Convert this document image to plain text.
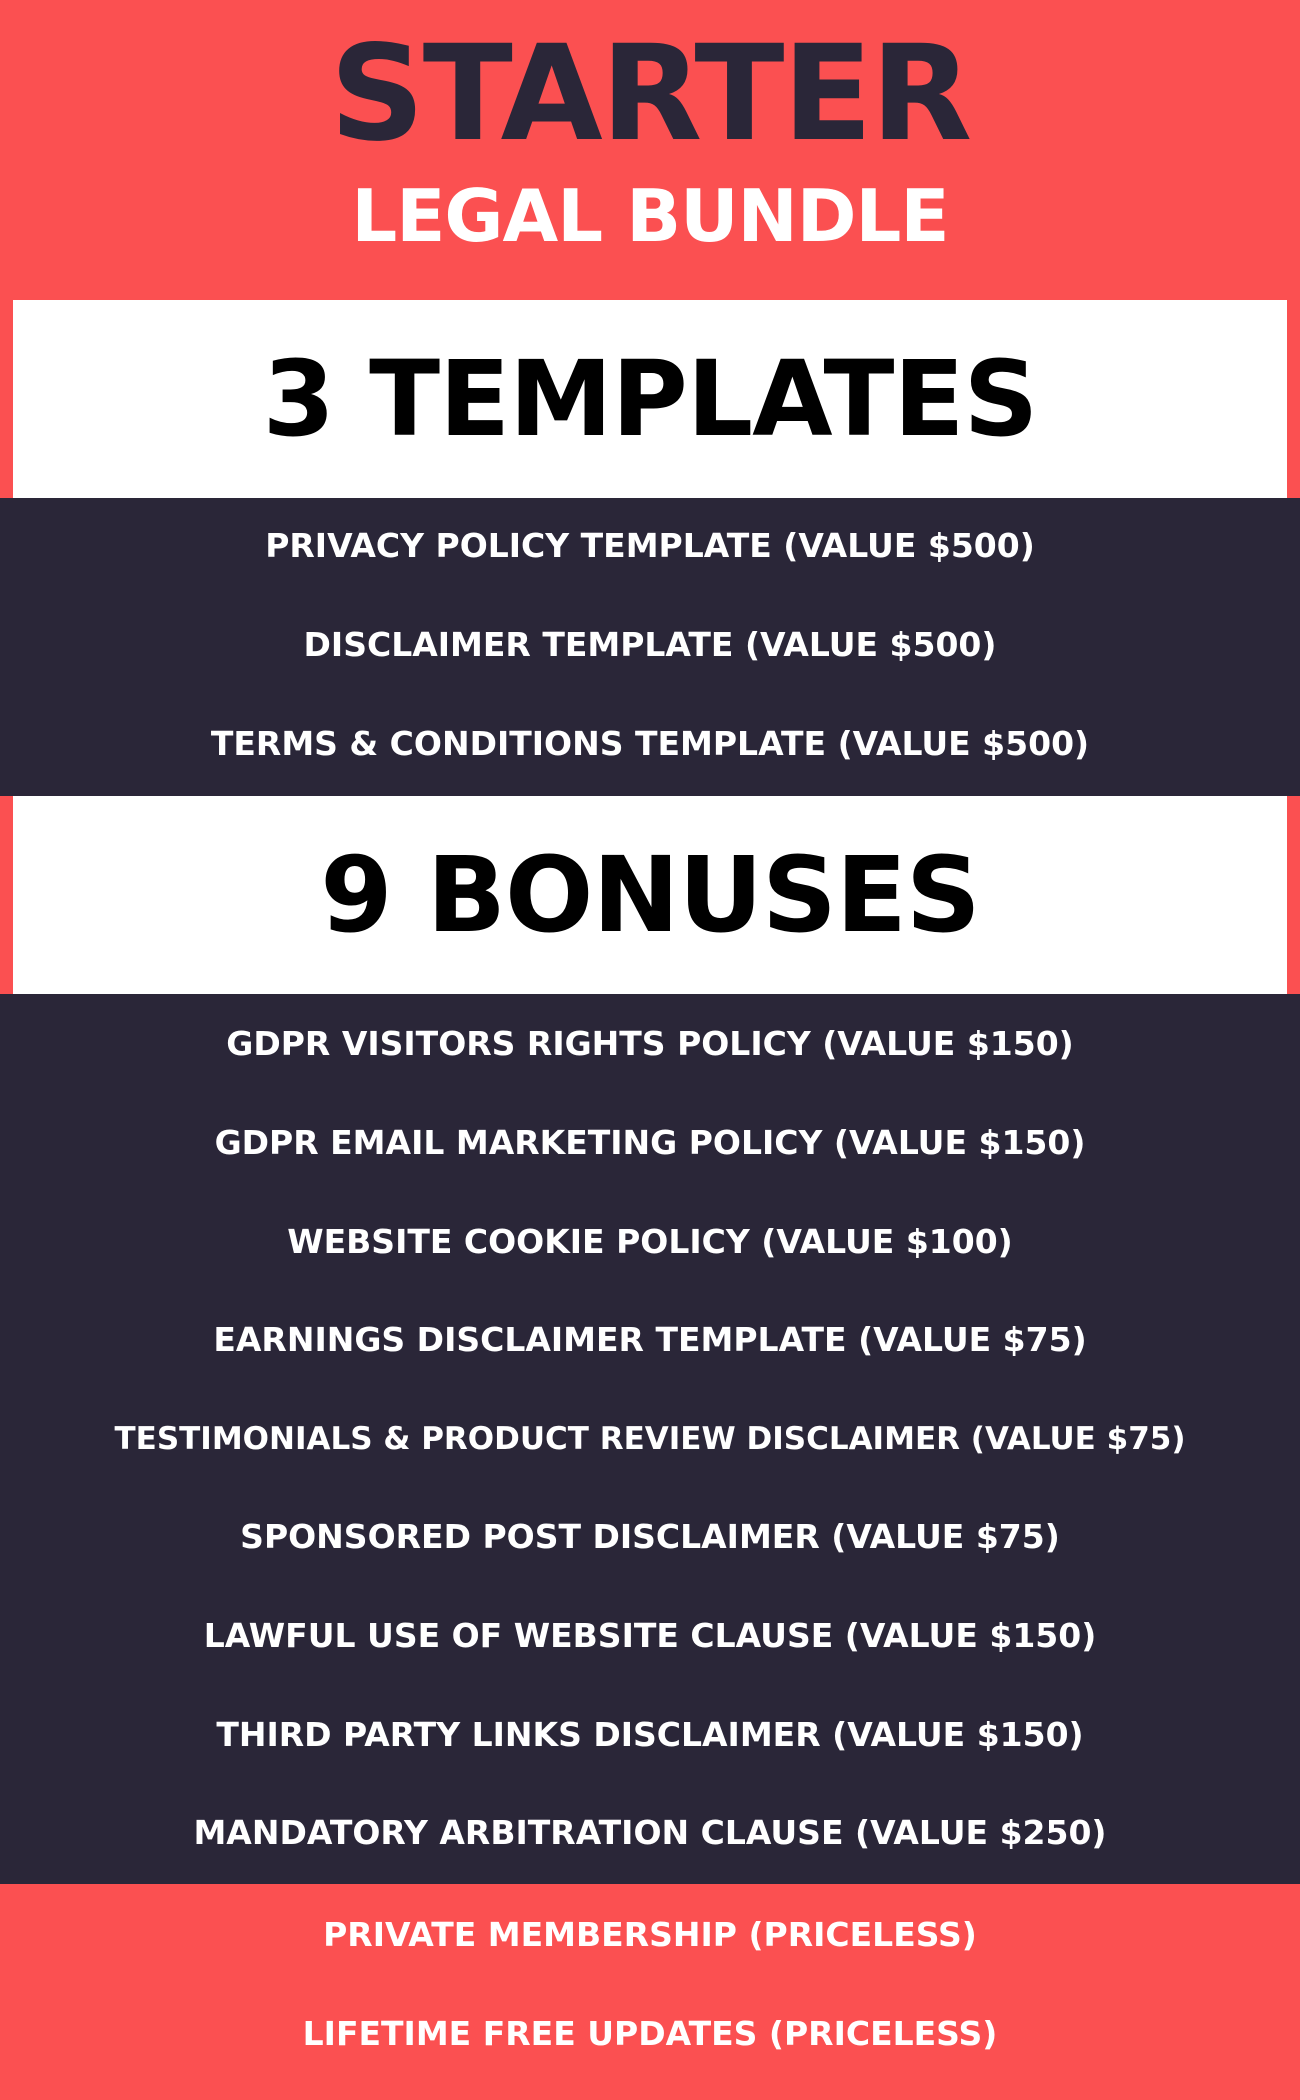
STARTER
LEGAL BUNDLE
3 TEMPLATES
PRIVACY POLICY TEMPLATE (VALUE $500)
DISCLAIMER TEMPLATE (VALUE $500)
TERMS & CONDITIONS TEMPLATE (VALUE $500)
9 BONUSES
GDPR VISITORS RIGHTS POLICY (VALUE $150)
GDPR EMAIL MARKETING POLICY (VALUE $150)
WEBSITE COOKIE POLICY (VALUE $100)
EARNINGS DISCLAIMER TEMPLATE (VALUE $75)
TESTIMONIALS & PRODUCT REVIEW DISCLAIMER (VALUE $75)
SPONSORED POST DISCLAIMER (VALUE $75)
LAWFUL USE OF WEBSITE CLAUSE (VALUE $150)
THIRD PARTY LINKS DISCLAIMER (VALUE $150)
MANDATORY ARBITRATION CLAUSE (VALUE $250)
PRIVATE MEMBERSHIP (PRICELESS)
LIFETIME FREE UPDATES (PRICELESS)
